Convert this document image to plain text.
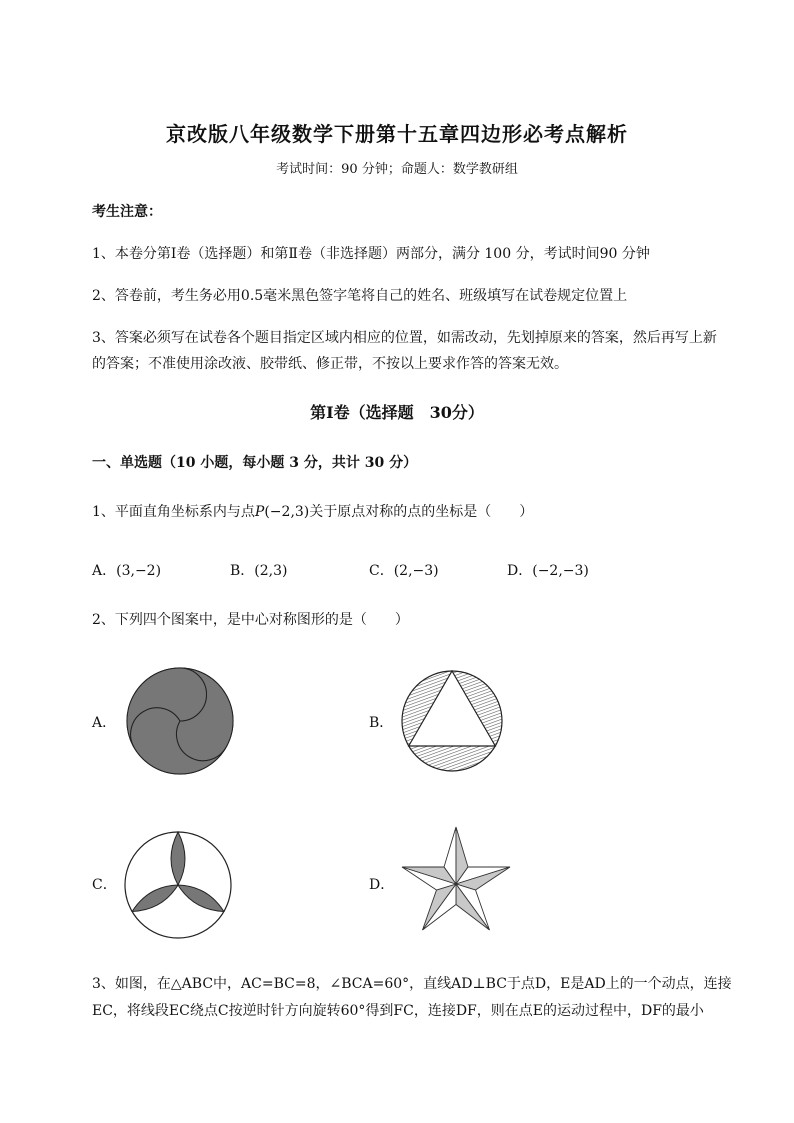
京改版八年级数学下册第十五章四边形必考点解析
考试时间：90 分钟；命题人：数学教研组
考生注意：
1、本卷分第Ⅰ卷（选择题）和第Ⅱ卷（非选择题）两部分，满分 100 分，考试时间90 分钟
2、答卷前，考生务必用0.5毫米黑色签字笔将自己的姓名、班级填写在试卷规定位置上
3、答案必须写在试卷各个题目指定区域内相应的位置，如需改动，先划掉原来的答案，然后再写上新
的答案；不准使用涂改液、胶带纸、修正带，不按以上要求作答的答案无效。
第Ⅰ卷（选择题　30分）
一、单选题（10 小题，每小题 3 分，共计 30 分）
1、平面直角坐标系内与点P(−2,3)关于原点对称的点的坐标是（　　）
A．(3,−2)	B．(2,3)	C．(2,−3)	D．(−2,−3)
2、下列四个图案中，是中心对称图形的是（　　）
A．	B．
C．	D．
3、如图，在△ABC中，AC=BC=8，∠BCA=60°，直线AD⊥BC于点D，E是AD上的一个动点，连接
EC，将线段EC绕点C按逆时针方向旋转60°得到FC，连接DF，则在点E的运动过程中，DF的最小
